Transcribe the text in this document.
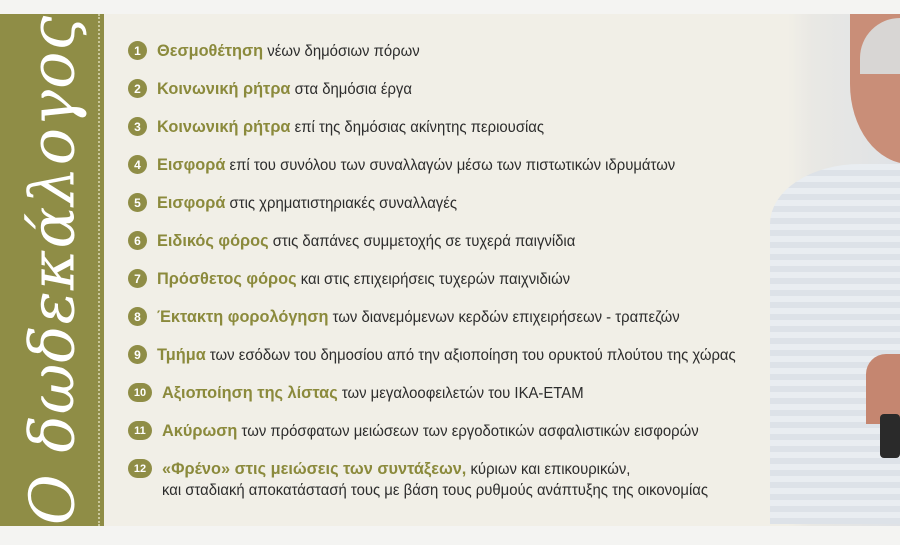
Ο δωδεκάλογος	1 Θεσμοθέτηση νέων δημόσιων πόρων
2 Κοινωνική ρήτρα στα δημόσια έργα
3 Κοινωνική ρήτρα επί της δημόσιας ακίνητης περιουσίας
4 Εισφορά επί του συνόλου των συναλλαγών μέσω των πιστωτικών ιδρυμάτων
5 Εισφορά στις χρηματιστηριακές συναλλαγές
6 Ειδικός φόρος στις δαπάνες συμμετοχής σε τυχερά παιγνίδια
7 Πρόσθετος φόρος και στις επιχειρήσεις τυχερών παιχνιδιών
8 Έκτακτη φορολόγηση των διανεμόμενων κερδών επιχειρήσεων - τραπεζών
9 Τμήμα των εσόδων του δημοσίου από την αξιοποίηση του ορυκτού πλούτου της χώρας
10 Αξιοποίηση της λίστας των μεγαλοοφειλετών του ΙΚΑ-ΕΤΑΜ
11 Ακύρωση των πρόσφατων μειώσεων των εργοδοτικών ασφαλιστικών εισφορών
12 «Φρένο» στις μειώσεις των συντάξεων, κύριων και επικουρικών,
και σταδιακή αποκατάστασή τους με βάση τους ρυθμούς ανάπτυξης της οικονομίας
